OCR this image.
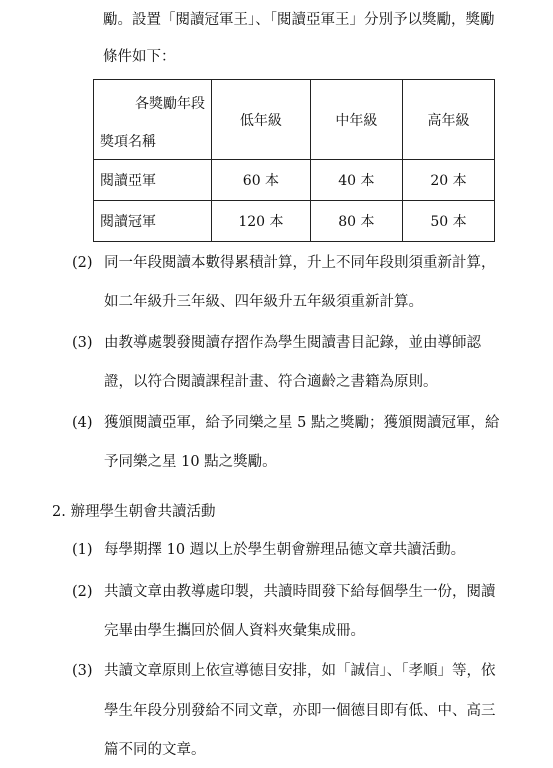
勵。設置「閱讀冠軍王」、「閱讀亞軍王」分別予以獎勵，獎勵
條件如下：
各獎勵年段
獎項名稱	低年級	中年級	高年級
閱讀亞軍	60 本	40 本	20 本
閱讀冠軍	120 本	80 本	50 本
(2) 同一年段閱讀本數得累積計算，升上不同年段則須重新計算，
如二年級升三年級、四年級升五年級須重新計算。
(3) 由教導處製發閱讀存摺作為學生閱讀書目記錄，並由導師認
證，以符合閱讀課程計畫、符合適齡之書籍為原則。
(4) 獲頒閱讀亞軍，給予同樂之星 5 點之獎勵；獲頒閱讀冠軍，給
予同樂之星 10 點之獎勵。
2. 辦理學生朝會共讀活動
(1) 每學期擇 10 週以上於學生朝會辦理品德文章共讀活動。
(2) 共讀文章由教導處印製，共讀時間發下給每個學生一份，閱讀
完畢由學生攜回於個人資料夾彙集成冊。
(3) 共讀文章原則上依宣導德目安排，如「誠信」、「孝順」等，依
學生年段分別發給不同文章，亦即一個德目即有低、中、高三
篇不同的文章。
